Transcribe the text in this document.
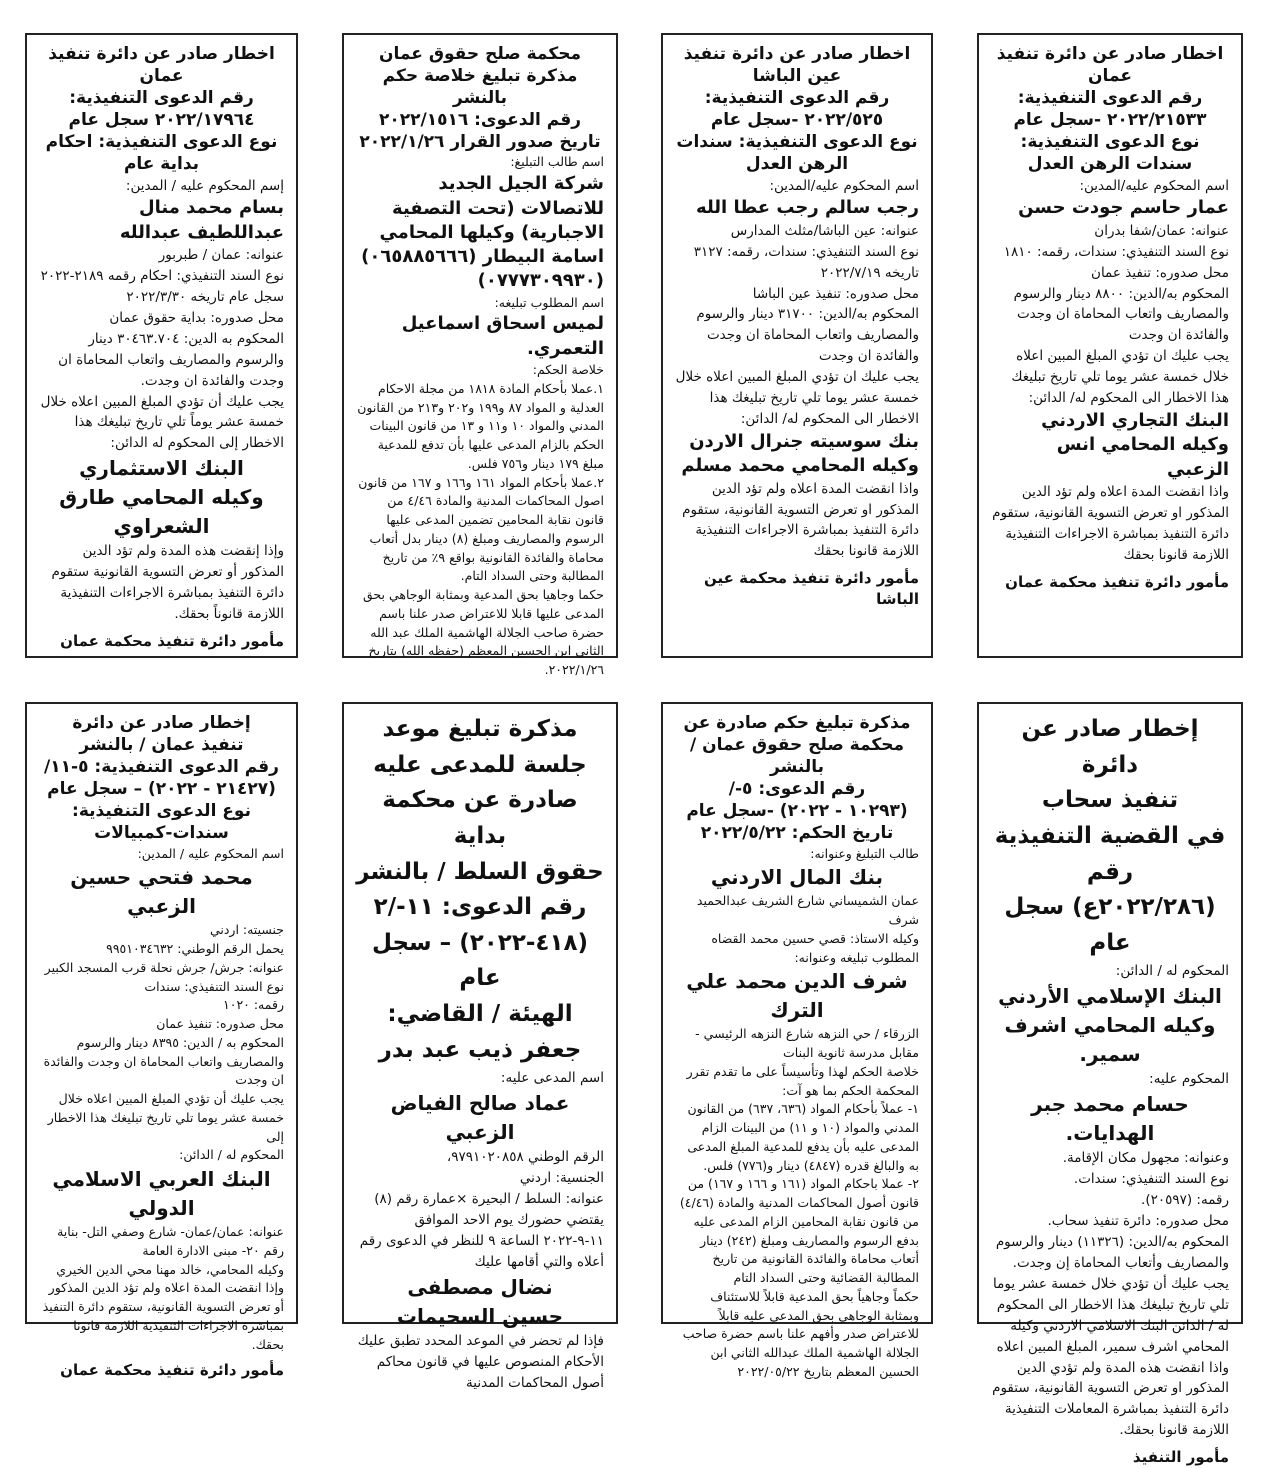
اخطار صادر عن دائرة تنفيذ عمان

رقم الدعوى التنفيذية:

٢٠٢٢/٢١٥٣٣ -سجل عام

نوع الدعوى التنفيذية: سندات الرهن العدل

اسم المحكوم عليه/المدين:

عمار حاسم جودت حسن

عنوانه: عمان/شفا بدران

نوع السند التنفيذي: سندات، رقمه: ١٨١٠

محل صدوره: تنفيذ عمان

المحكوم به/الدين: ٨٨٠٠ دينار والرسوم والمصاريف واتعاب المحاماة ان وجدت والفائدة ان وجدت

يجب عليك ان تؤدي المبلغ المبين اعلاه خلال خمسة عشر يوما تلي تاريخ تبليغك هذا الاخطار الى المحكوم له/ الدائن:

البنك التجاري الاردني وكيله المحامي انس الزعبي

واذا انقضت المدة اعلاه ولم تؤد الدين المذكور او تعرض التسوية القانونية، ستقوم دائرة التنفيذ بمباشرة الاجراءات التنفيذية اللازمة قانونا بحقك

مأمور دائرة تنفيذ محكمة عمان

اخطار صادر عن دائرة تنفيذ عين الباشا

رقم الدعوى التنفيذية:

٢٠٢٢/٥٢٥ -سجل عام

نوع الدعوى التنفيذية: سندات الرهن العدل

اسم المحكوم عليه/المدين:

رجب سالم رجب عطا الله

عنوانه: عين الباشا/مثلث المدارس

نوع السند التنفيذي: سندات، رقمه: ٣١٢٧ تاريخه ٢٠٢٢/٧/١٩

محل صدوره: تنفيذ عين الباشا

المحكوم به/الدين: ٣١٧٠٠ دينار والرسوم والمصاريف واتعاب المحاماة ان وجدت والفائدة ان وجدت

يجب عليك ان تؤدي المبلغ المبين اعلاه خلال خمسة عشر يوما تلي تاريخ تبليغك هذا الاخطار الى المحكوم له/ الدائن:

بنك سوسيته جنرال الاردن وكيله المحامي محمد مسلم

واذا انقضت المدة اعلاه ولم تؤد الدين المذكور او تعرض التسوية القانونية، ستقوم دائرة التنفيذ بمباشرة الاجراءات التنفيذية اللازمة قانونا بحقك

مأمور دائرة تنفيذ محكمة عين الباشا

محكمة صلح حقوق عمان

مذكرة تبليغ خلاصة حكم بالنشر

رقم الدعوى: ٢٠٢٢/١٥١٦

تاريخ صدور القرار ٢٠٢٢/١/٢٦

اسم طالب التبليغ:

شركة الجيل الجديد للاتصالات (تحت التصفية الاجبارية) وكيلها المحامي اسامة البيطار (٠٦٥٨٨٥٦٦٦) (٠٧٧٧٣٠٩٩٣٠)

اسم المطلوب تبليغه:

لميس اسحاق اسماعيل التعمري.

خلاصة الحكم:

١.عملا بأحكام المادة ١٨١٨ من مجلة الاحكام العدلية و المواد ٨٧ و١٩٩ و٢٠٢ و٢١٣ من القانون المدني والمواد ١٠ و١١ و ١٣ من قانون البينات الحكم بالزام المدعى عليها بأن تدفع للمدعية مبلغ ١٧٩ دينار و٧٥٦ فلس.

٢.عملا بأحكام المواد ١٦١ و١٦٦ و ١٦٧ من قانون اصول المحاكمات المدنية والمادة ٤/٤٦ من قانون نقابة المحامين تضمين المدعى عليها الرسوم والمصاريف ومبلغ (٨) دينار بدل أتعاب محاماة والفائدة القانونية بواقع ٩٪ من تاريخ المطالبة وحتى السداد التام.

حكما وجاهيا بحق المدعية وبمثابة الوجاهي بحق المدعى عليها قابلا للاعتراض صدر علنا باسم حضرة صاحب الجلالة الهاشمية الملك عبد الله الثاني ابن الحسين المعظم (حفظه الله) بتاريخ ٢٠٢٢/١/٢٦.

اخطار صادر عن دائرة تنفيذ عمان

رقم الدعوى التنفيذية:

٢٠٢٢/١٧٩٦٤ سجل عام

نوع الدعوى التنفيذية: احكام بداية عام

إسم المحكوم عليه / المدين:

بسام محمد منال عبداللطيف عبدالله

عنوانه: عمان / طبربور

نوع السند التنفيذي: احكام رقمه ٢١٨٩-٢٠٢٢ سجل عام تاريخه ٢٠٢٢/٣/٣٠

محل صدوره: بداية حقوق عمان

المحكوم به الدين: ٣٠٤٦٣.٧٠٤ دينار والرسوم والمصاريف واتعاب المحاماة ان وجدت والفائدة ان وجدت.

يجب عليك أن تؤدي المبلغ المبين اعلاه خلال خمسة عشر يوماً تلي تاريخ تبليغك هذا الاخطار إلى المحكوم له الدائن:

البنك الاستثماري

وكيله المحامي طارق الشعراوي

وإذا إنقضت هذه المدة ولم تؤد الدين المذكور أو تعرض التسوية القانونية ستقوم دائرة التنفيذ بمباشرة الاجراءات التنفيذية اللازمة قانوناً بحقك.

مأمور دائرة تنفيذ محكمة عمان

إخطار صادر عن دائرة

تنفيذ سحاب

في القضية التنفيذية رقم

(٢٠٢٢/٢٨٦ع) سجل عام

المحكوم له / الدائن:

البنك الإسلامي الأردني وكيله المحامي اشرف سمير.

المحكوم عليه:

حسام محمد جبر الهدايات.

وعنوانه: مجهول مكان الإقامة.

نوع السند التنفيذي: سندات.

رقمه: (٢٠٥٩٧).

محل صدوره: دائرة تنفيذ سحاب.

المحكوم به/الدين: (١١٣٢٦) دينار والرسوم والمصاريف وأتعاب المحاماة إن وجدت.

يجب عليك أن تؤدي خلال خمسة عشر يوما تلي تاريخ تبليغك هذا الاخطار الى المحكوم له / الدائن البنك الاسلامي الاردني وكيله المحامي اشرف سمير، المبلغ المبين اعلاه واذا انقضت هذه المدة ولم تؤدي الدين المذكور او تعرض التسوية القانونية، ستقوم دائرة التنفيذ بمباشرة المعاملات التنفيذية اللازمة قانونا بحقك.

مأمور التنفيذ

مذكرة تبليغ حكم صادرة عن

محكمة صلح حقوق عمان / بالنشر

رقم الدعوى: ٥-/

(١٠٢٩٣ - ٢٠٢٢) -سجل عام

تاريخ الحكم: ٢٠٢٢/٥/٢٢

طالب التبليغ وعنوانه:

بنك المال الاردني

عمان الشميساني شارع الشريف عبدالحميد شرف

وكيله الاستاذ: قصي حسين محمد القضاه

المطلوب تبليغه وعنوانه:

شرف الدين محمد علي الترك

الزرقاء / حي النزهه شارع النزهه الرئيسي - مقابل مدرسة ثانوية البنات

خلاصة الحكم لهذا وتأسيساً على ما تقدم تقرر المحكمة الحكم بما هو آت:

١- عملاً بأحكام المواد (٦٣٦، ٦٣٧) من القانون المدني والمواد (١٠ و ١١) من البينات الزام المدعى عليه بأن يدفع للمدعية المبلغ المدعى به والبالغ قدره (٤٨٤٧) دينار و(٧٧٦) فلس.

٢- عملا باحكام المواد (١٦١ و ١٦٦ و ١٦٧) من قانون أصول المحاكمات المدنية والمادة (٤/٤٦) من قانون نقابة المحامين الزام المدعى عليه بدفع الرسوم والمصاريف ومبلغ (٢٤٢) دينار أتعاب محاماة والفائدة القانونية من تاريخ المطالبة القضائية وحتى السداد التام

حكماً وجاهياً بحق المدعية قابلاً للاستئناف وبمثابة الوجاهي بحق المدعى عليه قابلاً للاعتراض صدر وأفهم علنا باسم حضرة صاحب الجلالة الهاشمية الملك عبدالله الثاني ابن الحسين المعظم بتاريخ ٢٠٢٢/٠٥/٢٢

مذكرة تبليغ موعد

جلسة للمدعى عليه

صادرة عن محكمة بداية

حقوق السلط / بالنشر

رقم الدعوى: ١١-/٢

(٤١٨-٢٠٢٢) – سجل عام

الهيئة / القاضي:

جعفر ذيب عبد بدر

اسم المدعى عليه:

عماد صالح الفياض الزعبي

الرقم الوطني ٩٧٩١٠٢٠٨٥٨،

الجنسية: اردني

عنوانه: السلط / البحيرة ×عمارة رقم (٨)

يقتضي حضورك يوم الاحد الموافق ١١-٩-٢٠٢٢ الساعة ٩ للنظر في الدعوى رقم أعلاه والتي أقامها عليك

نضال مصطفى

حسين السحيمات

فإذا لم تحضر في الموعد المحدد تطبق عليك الأحكام المنصوص عليها في قانون محاكم أصول المحاكمات المدنية

إخطار صادر عن دائرة

تنفيذ عمان / بالنشر

رقم الدعوى التنفيذية: ٥-١١/

(٢١٤٢٧ - ٢٠٢٢) – سجل عام

نوع الدعوى التنفيذية:

سندات-كمبيالات

اسم المحكوم عليه / المدين:

محمد فتحي حسين الزعبي

جنسيته: اردني

يحمل الرقم الوطني: ٩٩٥١٠٣٤٦٣٢

عنوانه: جرش/ جرش نحلة قرب المسجد الكبير

نوع السند التنفيذي: سندات

رقمه: ١٠٢٠

محل صدوره: تنفيذ عمان

المحكوم به / الدين: ٨٣٩٥ دينار والرسوم والمصاريف واتعاب المحاماة ان وجدت والفائدة ان وجدت

يجب عليك أن تؤدي المبلغ المبين اعلاه خلال خمسة عشر يوما تلي تاريخ تبليغك هذا الاخطار إلى

المحكوم له / الدائن:

البنك العربي الاسلامي الدولي

عنوانه: عمان/عمان- شارع وصفي التل- بناية رقم ٢٠- مبنى الادارة العامة

وكيله المحامي، خالد مهنا محي الدين الخيري

وإذا انقضت المدة اعلاه ولم تؤد الدين المذكور أو تعرض التسوية القانونية، ستقوم دائرة التنفيذ بمباشرة الاجراءات التنفيذية اللازمة قانونا بحقك.

مأمور دائرة تنفيذ محكمة عمان
